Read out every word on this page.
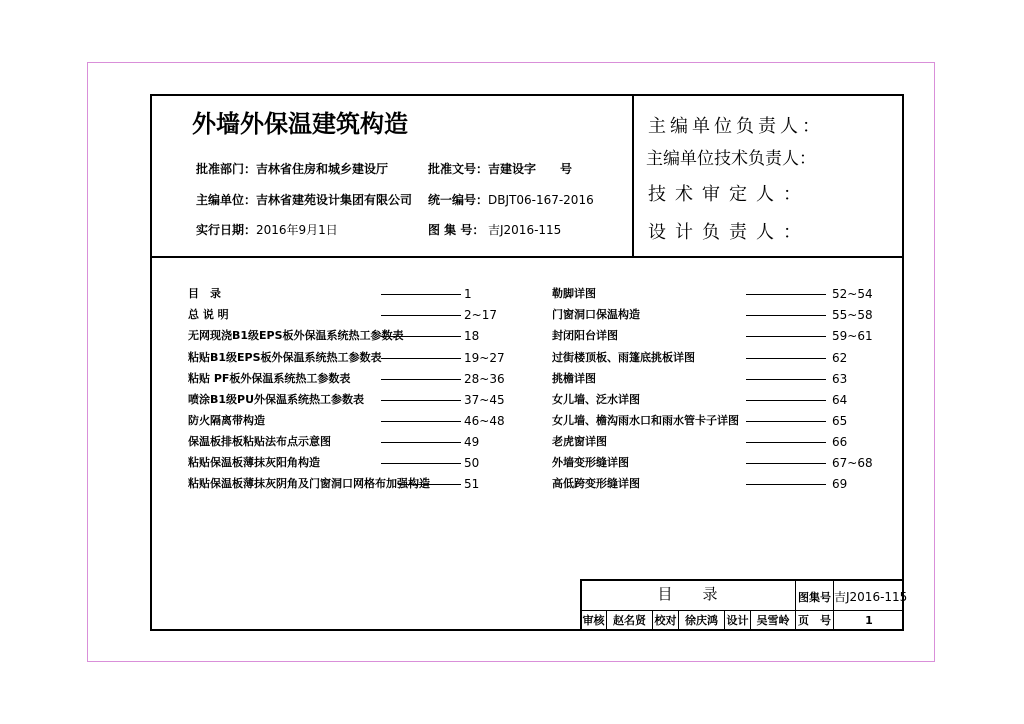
外墙外保温建筑构造
批准部门： 吉林省住房和城乡建设厅	批准文号： 吉建设字　　号
主编单位： 吉林省建苑设计集团有限公司 统一编号： DBJT06-167-2016
实行日期： 2016年9月1日	图 集 号： 吉J2016-115
主编单位负责人：
主编单位技术负责人：
技术审定人：
设计负责人：
目　录	1
总 说 明	2~17
无网现浇B1级EPS板外保温系统热工参数表	18
粘贴B1级EPS板外保温系统热工参数表	19~27
粘贴 PF板外保温系统热工参数表	28~36
喷涂B1级PU外保温系统热工参数表	37~45
防火隔离带构造	46~48
保温板排板粘贴法布点示意图	49
粘贴保温板薄抹灰阳角构造	50
粘贴保温板薄抹灰阴角及门窗洞口网格布加强构造	51
勒脚详图	52~54
门窗洞口保温构造	55~58
封闭阳台详图	59~61
过街楼顶板、雨篷底挑板详图	62
挑檐详图	63
女儿墙、泛水详图	64
女儿墙、檐沟雨水口和雨水管卡子详图	65
老虎窗详图	66
外墙变形缝详图	67~68
高低跨变形缝详图	69
目　　录	图集号 吉J2016-115
审核 赵名贤 校对 徐庆鸿 设计 吴雪岭 页　号	1
